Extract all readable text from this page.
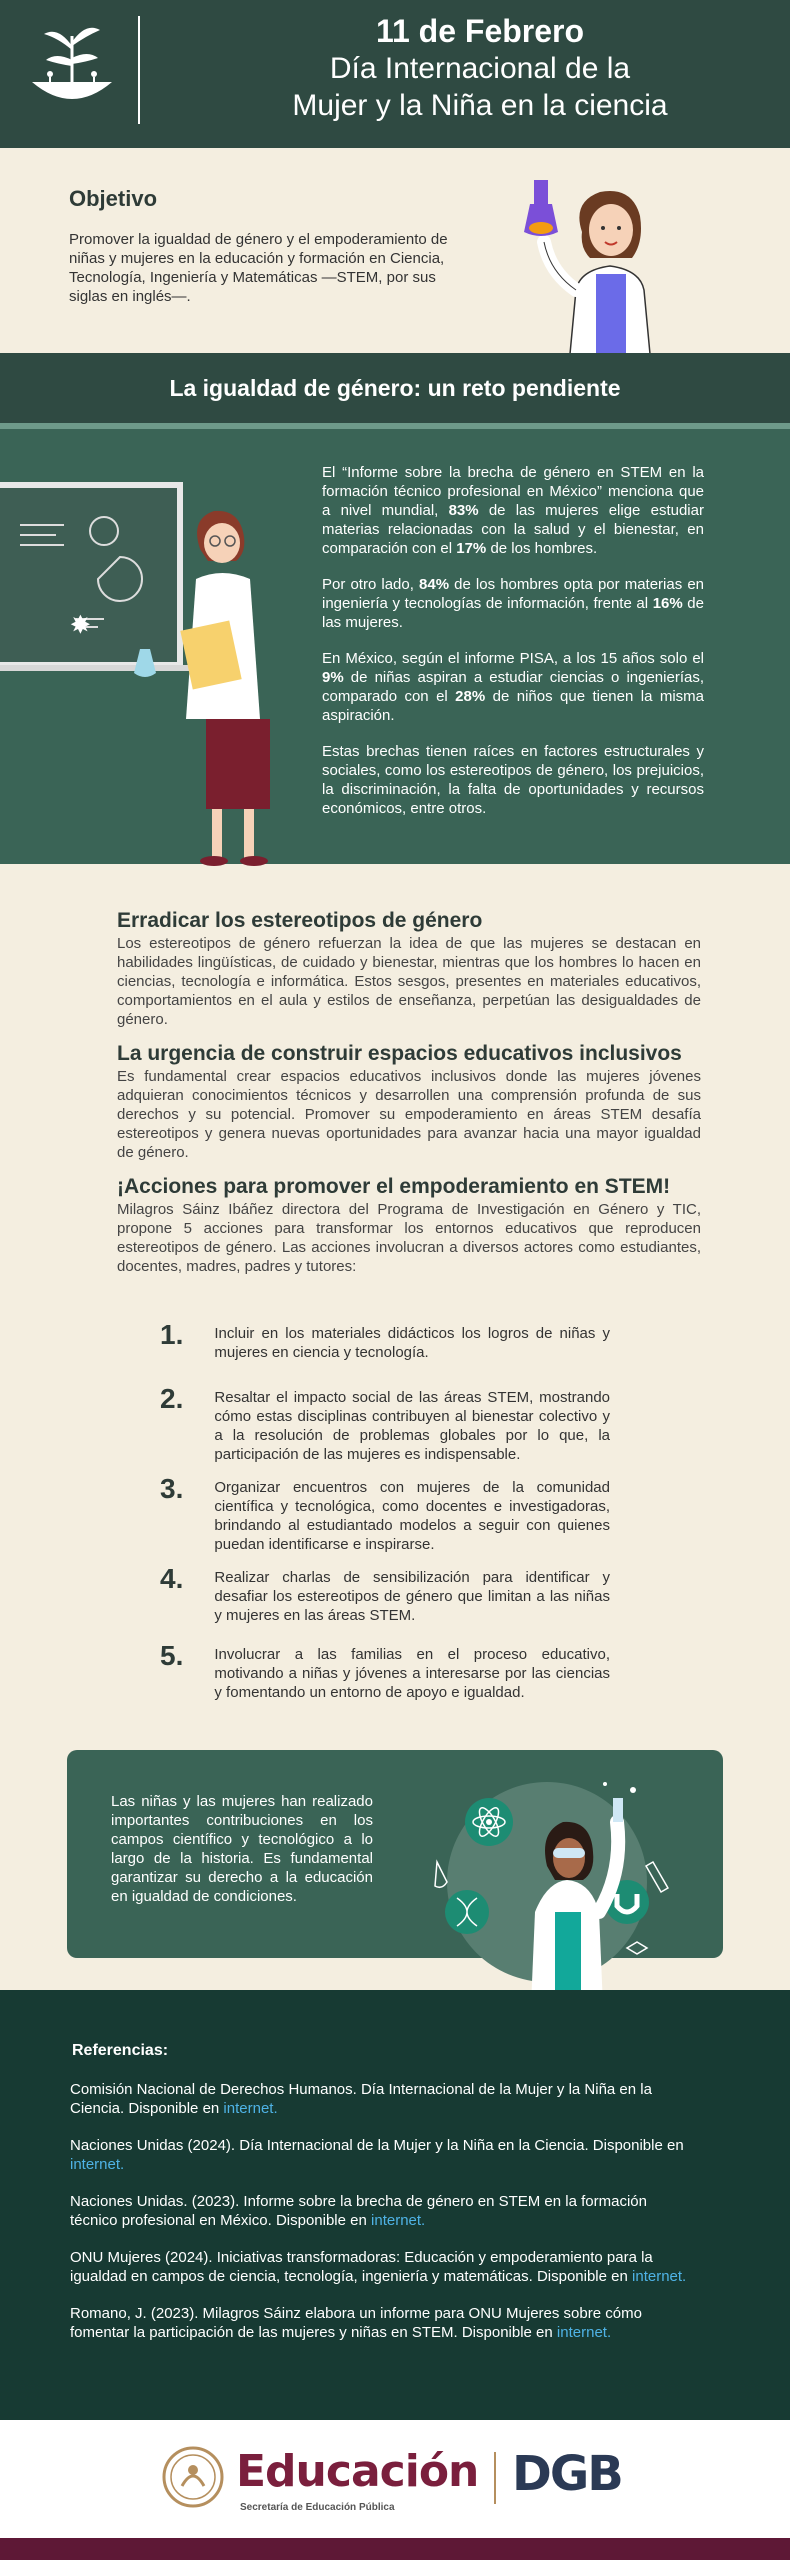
11 de Febrero
Día Internacional de la
Mujer y la Niña en la ciencia
Objetivo
Promover la igualdad de género y el empoderamiento de niñas y mujeres en la educación y formación en Ciencia, Tecnología, Ingeniería y Matemáticas —STEM, por sus siglas en inglés—.
La igualdad de género: un reto pendiente

El “Informe sobre la brecha de género en STEM en la formación técnico profesional en México” menciona que a nivel mundial, 83% de las mujeres elige estudiar materias relacionadas con la salud y el bienestar, en comparación con el 17% de los hombres.

Por otro lado, 84% de los hombres opta por materias en ingeniería y tecnologías de información, frente al 16% de las mujeres.

En México, según el informe PISA, a los 15 años solo el 9% de niñas aspiran a estudiar ciencias o ingenierías, comparado con el 28% de niños que tienen la misma aspiración.

Estas brechas tienen raíces en factores estructurales y sociales, como los estereotipos de género, los prejuicios, la discriminación, la falta de oportunidades y recursos económicos, entre otros.

Erradicar los estereotipos de género

Los estereotipos de género refuerzan la idea de que las mujeres se destacan en habilidades lingüísticas, de cuidado y bienestar, mientras que los hombres lo hacen en ciencias, tecnología e informática. Estos sesgos, presentes en materiales educativos, comportamientos en el aula y estilos de enseñanza, perpetúan las desigualdades de género.

La urgencia de construir espacios educativos inclusivos

Es fundamental crear espacios educativos inclusivos donde las mujeres jóvenes adquieran conocimientos técnicos y desarrollen una comprensión profunda de sus derechos y su potencial. Promover su empoderamiento en áreas STEM desafía estereotipos y genera nuevas oportunidades para avanzar hacia una mayor igualdad de género.

¡Acciones para promover el empoderamiento en STEM!

Milagros Sáinz Ibáñez directora del Programa de Investigación en Género y TIC, propone 5 acciones para transformar los entornos educativos que reproducen estereotipos de género. Las acciones involucran a diversos actores como estudiantes, docentes, madres, padres y tutores:

1.	Incluir en los materiales didácticos los logros de niñas y mujeres en ciencia y tecnología.
2.	Resaltar el impacto social de las áreas STEM, mostrando cómo estas disciplinas contribuyen al bienestar colectivo y a la resolución de problemas globales por lo que, la participación de las mujeres es indispensable.
3.	Organizar encuentros con mujeres de la comunidad científica y tecnológica, como docentes e investigadoras, brindando al estudiantado modelos a seguir con quienes puedan identificarse e inspirarse.
4.	Realizar charlas de sensibilización para identificar y desafiar los estereotipos de género que limitan a las niñas y mujeres en las áreas STEM.
5.	Involucrar a las familias en el proceso educativo, motivando a niñas y jóvenes a interesarse por las ciencias y fomentando un entorno de apoyo e igualdad.
Las niñas y las mujeres han realizado importantes contribuciones en los campos científico y tecnológico a lo largo de la historia. Es fundamental garantizar su derecho a la educación en igualdad de condiciones.
Referencias:
Comisión Nacional de Derechos Humanos. Día Internacional de la Mujer y la Niña en la Ciencia. Disponible en internet.
Naciones Unidas (2024). Día Internacional de la Mujer y la Niña en la Ciencia. Disponible en internet.
Naciones Unidas. (2023). Informe sobre la brecha de género en STEM en la formación técnico profesional en México. Disponible en internet.
ONU Mujeres (2024). Iniciativas transformadoras: Educación y empoderamiento para la igualdad en campos de ciencia, tecnología, ingeniería y matemáticas. Disponible en internet.
Romano, J. (2023). Milagros Sáinz elabora un informe para ONU Mujeres sobre cómo fomentar la participación de las mujeres y niñas en STEM. Disponible en internet.
Educación
Secretaría de Educación Pública
DGB
